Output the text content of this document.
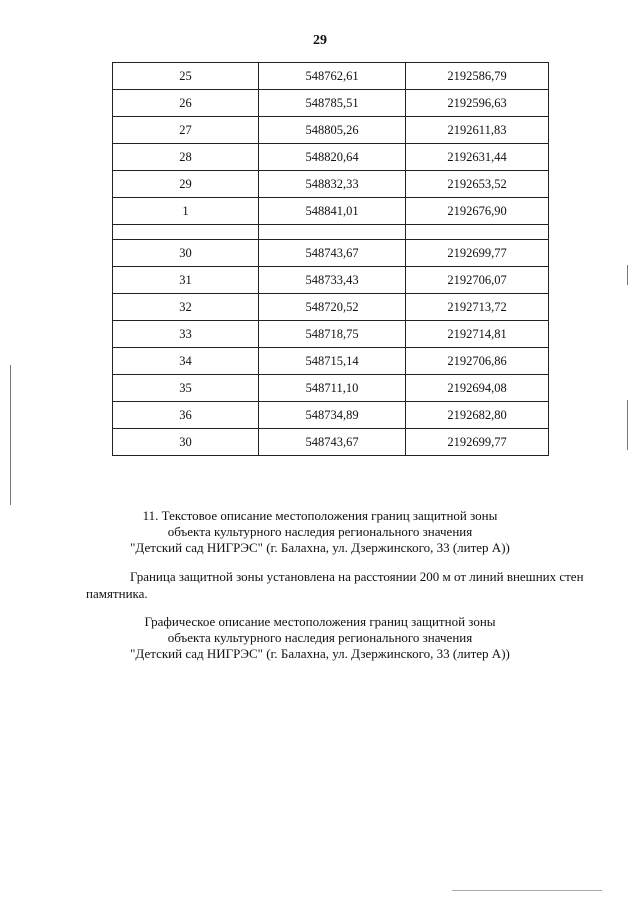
29
25	548762,61	2192586,79
26	548785,51	2192596,63
27	548805,26	2192611,83
28	548820,64	2192631,44
29	548832,33	2192653,52
1	548841,01	2192676,90

30	548743,67	2192699,77
31	548733,43	2192706,07
32	548720,52	2192713,72
33	548718,75	2192714,81
34	548715,14	2192706,86
35	548711,10	2192694,08
36	548734,89	2192682,80
30	548743,67	2192699,77
11. Текстовое описание местоположения границ защитной зоны
объекта культурного наследия регионального значения
"Детский сад НИГРЭС" (г. Балахна, ул. Дзержинского, 33 (литер А))
Граница защитной зоны установлена на расстоянии 200 м от линий внешних стен
памятника.
Графическое описание местоположения границ защитной зоны
объекта культурного наследия регионального значения
"Детский сад НИГРЭС" (г. Балахна, ул. Дзержинского, 33 (литер А))
